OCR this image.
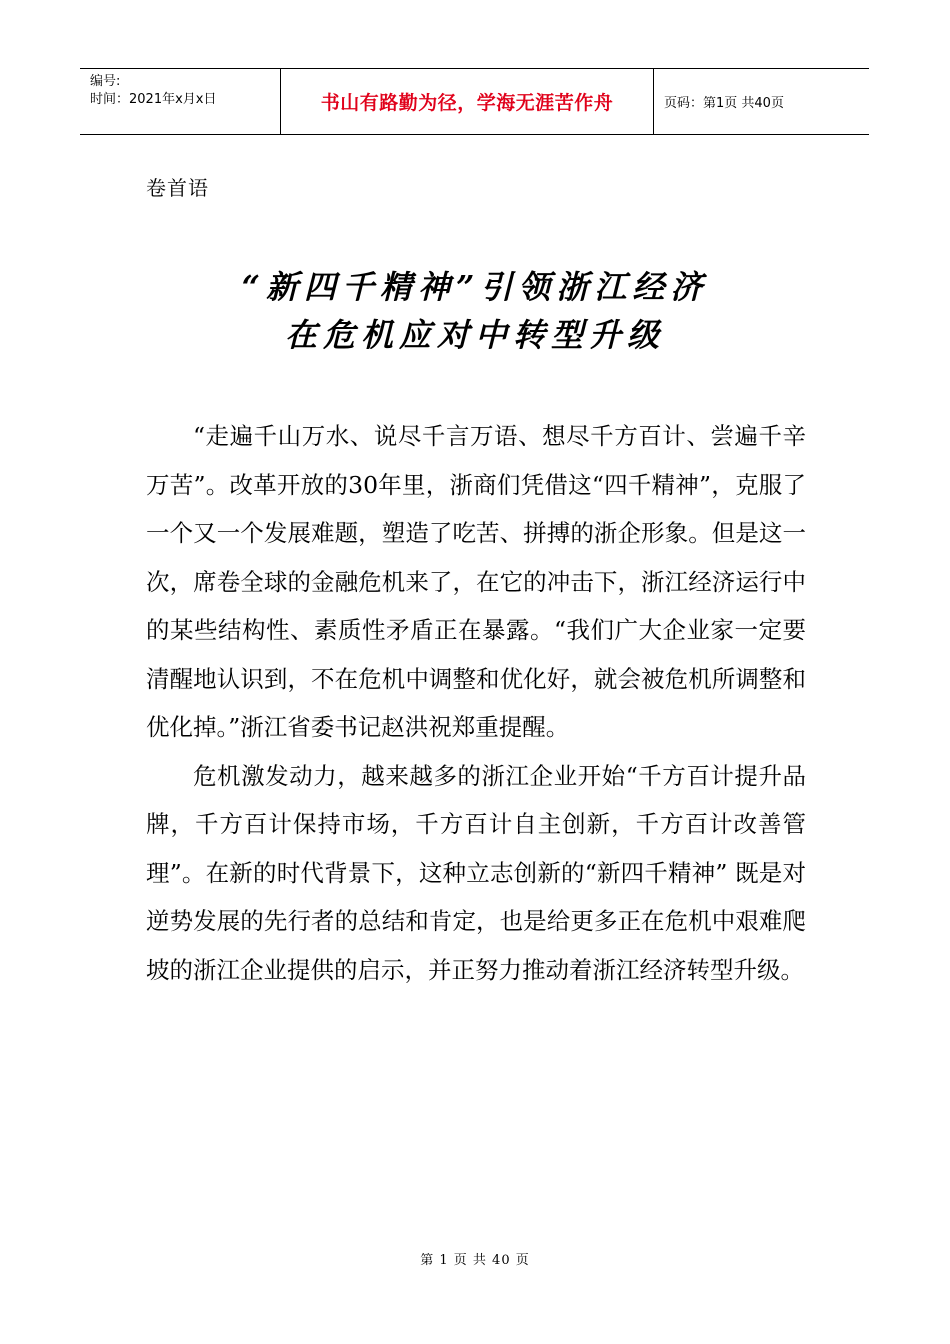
编号:
时间：2021年x月x日	书山有路勤为径，学海无涯苦作舟	页码：第1页 共40页
卷首语
“新四千精神”引领浙江经济
在危机应对中转型升级

“走遍千山万水、说尽千言万语、想尽千方百计、尝遍千辛万苦”。改革开放的30年里，浙商们凭借这“四千精神”，克服了一个又一个发展难题，塑造了吃苦、拼搏的浙企形象。但是这一次，席卷全球的金融危机来了，在它的冲击下，浙江经济运行中的某些结构性、素质性矛盾正在暴露。“我们广大企业家一定要清醒地认识到，不在危机中调整和优化好，就会被危机所调整和优化掉。”浙江省委书记赵洪祝郑重提醒。

危机激发动力，越来越多的浙江企业开始“千方百计提升品牌，千方百计保持市场，千方百计自主创新，千方百计改善管理”。在新的时代背景下，这种立志创新的“新四千精神” 既是对逆势发展的先行者的总结和肯定，也是给更多正在危机中艰难爬坡的浙江企业提供的启示，并正努力推动着浙江经济转型升级。

第 1 页 共 40 页
